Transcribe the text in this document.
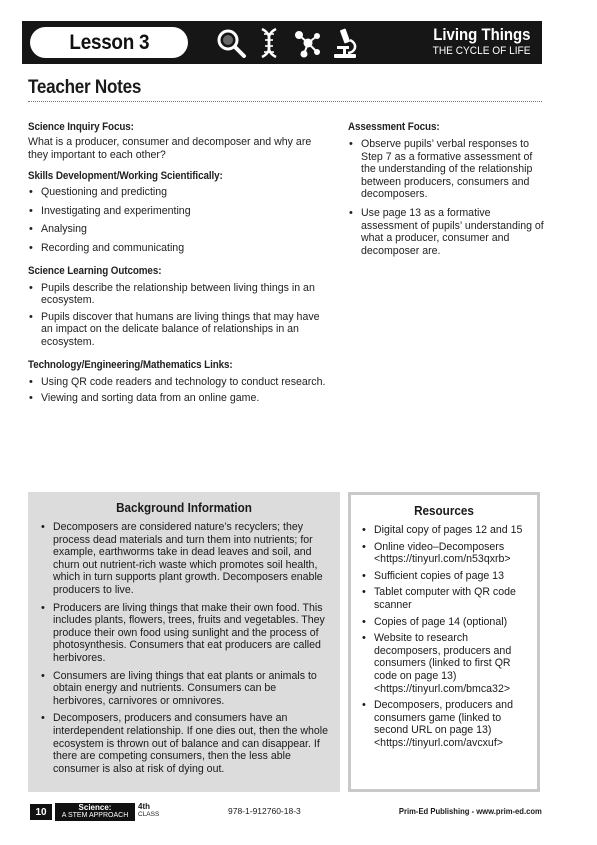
Lesson 3	Living Things
THE CYCLE OF LIFE
Teacher Notes
Science Inquiry Focus:
What is a producer, consumer and decomposer and why are they important to each other?
Skills Development/Working Scientifically:
• Questioning and predicting
• Investigating and experimenting
• Analysing
• Recording and communicating
Science Learning Outcomes:
• Pupils describe the relationship between living things in an ecosystem.
• Pupils discover that humans are living things that may have an impact on the delicate balance of relationships in an ecosystem.
Technology/Engineering/Mathematics Links:
• Using QR code readers and technology to conduct research.
• Viewing and sorting data from an online game.
Assessment Focus:
• Observe pupils’ verbal responses to Step 7 as a formative assessment of the understanding of the relationship between producers, consumers and decomposers.
• Use page 13 as a formative assessment of pupils’ understanding of what a producer, consumer and decomposer are.
Background Information
• Decomposers are considered nature’s recyclers; they process dead materials and turn them into nutrients; for example, earthworms take in dead leaves and soil, and churn out nutrient-rich waste which promotes soil health, which in turn supports plant growth. Decomposers enable producers to live.
• Producers are living things that make their own food. This includes plants, flowers, trees, fruits and vegetables. They produce their own food using sunlight and the process of photosynthesis. Consumers that eat producers are called herbivores.
• Consumers are living things that eat plants or animals to obtain energy and nutrients. Consumers can be herbivores, carnivores or omnivores.
• Decomposers, producers and consumers have an interdependent relationship. If one dies out, then the whole ecosystem is thrown out of balance and can disappear. If there are competing consumers, then the less able consumer is also at risk of dying out.
Resources
• Digital copy of pages 12 and 15
• Online video–Decomposers <https://tinyurl.com/n53qxrb>
• Sufficient copies of page 13
• Tablet computer with QR code scanner
• Copies of page 14 (optional)
• Website to research decomposers, producers and consumers (linked to first QR code on page 13) <https://tinyurl.com/bmca32>
• Decomposers, producers and consumers game (linked to second URL on page 13) <https://tinyurl.com/avcxuf>
10	Science:
A STEM APPROACH
4th
CLASS	978-1-912760-18-3	Prim-Ed Publishing - www.prim-ed.com
